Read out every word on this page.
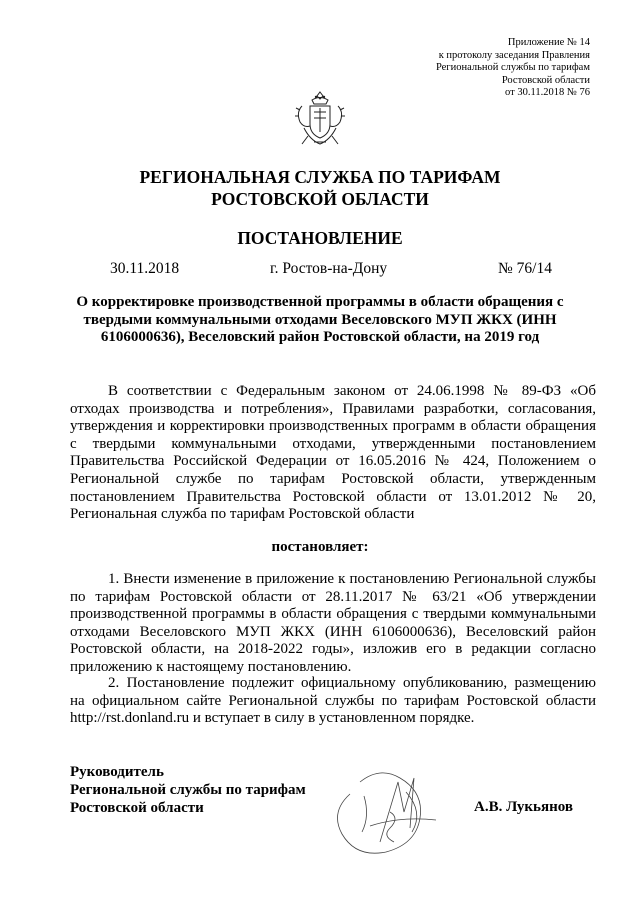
Приложение № 14
к протоколу заседания Правления
Региональной службы по тарифам
Ростовской области
от 30.11.2018 № 76
РЕГИОНАЛЬНАЯ СЛУЖБА ПО ТАРИФАМ
РОСТОВСКОЙ ОБЛАСТИ
ПОСТАНОВЛЕНИЕ
30.11.2018	г. Ростов-на-Дону	№ 76/14
О корректировке производственной программы в области обращения с твердыми коммунальными отходами Веселовского МУП ЖКХ (ИНН 6106000636), Веселовский район Ростовской области, на 2019 год
В соответствии с Федеральным законом от 24.06.1998 № 89-ФЗ «Об отходах производства и потребления», Правилами разработки, согласования, утверждения и корректировки производственных программ в области обращения с твердыми коммунальными отходами, утвержденными постановлением Правительства Российской Федерации от 16.05.2016 № 424, Положением о Региональной службе по тарифам Ростовской области, утвержденным постановлением Правительства Ростовской области от 13.01.2012 № 20, Региональная служба по тарифам Ростовской области
постановляет:
1. Внести изменение в приложение к постановлению Региональной службы по тарифам Ростовской области от 28.11.2017 № 63/21 «Об утверждении производственной программы в области обращения с твердыми коммунальными отходами Веселовского МУП ЖКХ (ИНН 6106000636), Веселовский район Ростовской области, на 2018-2022 годы», изложив его в редакции согласно приложению к настоящему постановлению.
2. Постановление подлежит официальному опубликованию, размещению на официальном сайте Региональной службы по тарифам Ростовской области http://rst.donland.ru и вступает в силу в установленном порядке.
Руководитель
Региональной службы по тарифам
Ростовской области	А.В. Лукьянов
